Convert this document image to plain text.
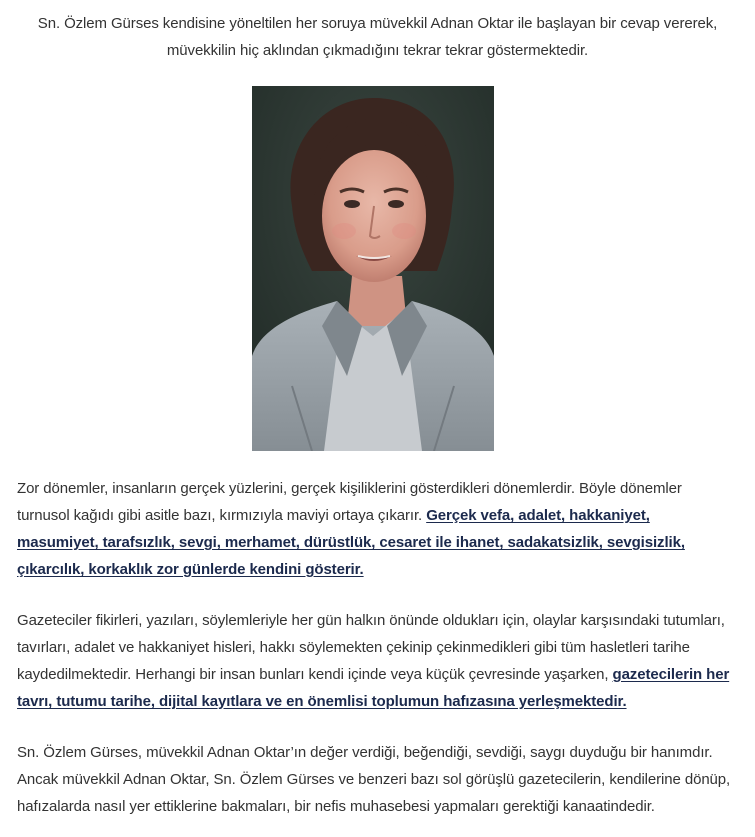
Sn. Özlem Gürses kendisine yöneltilen her soruya müvekkil Adnan Oktar ile başlayan bir cevap vererek, müvekkilin hiç aklından çıkmadığını tekrar tekrar göstermektedir.

Zor dönemler, insanların gerçek yüzlerini, gerçek kişiliklerini gösterdikleri dönemlerdir. Böyle dönemler turnusol kağıdı gibi asitle bazı, kırmızıyla maviyi ortaya çıkarır. Gerçek vefa, adalet, hakkaniyet, masumiyet, tarafsızlık, sevgi, merhamet, dürüstlük, cesaret ile ihanet, sadakatsizlik, sevgisizlik, çıkarcılık, korkaklık zor günlerde kendini gösterir.

Gazeteciler fikirleri, yazıları, söylemleriyle her gün halkın önünde oldukları için, olaylar karşısındaki tutumları, tavırları, adalet ve hakkaniyet hisleri, hakkı söylemekten çekinip çekinmedikleri gibi tüm hasletleri tarihe kaydedilmektedir. Herhangi bir insan bunları kendi içinde veya küçük çevresinde yaşarken, gazetecilerin her tavrı, tutumu tarihe, dijital kayıtlara ve en önemlisi toplumun hafızasına yerleşmektedir.

Sn. Özlem Gürses, müvekkil Adnan Oktar’ın değer verdiği, beğendiği, sevdiği, saygı duyduğu bir hanımdır. Ancak müvekkil Adnan Oktar, Sn. Özlem Gürses ve benzeri bazı sol görüşlü gazetecilerin, kendilerine dönüp, hafızalarda nasıl yer ettiklerine bakmaları, bir nefis muhasebesi yapmaları gerektiği kanaatindedir.
